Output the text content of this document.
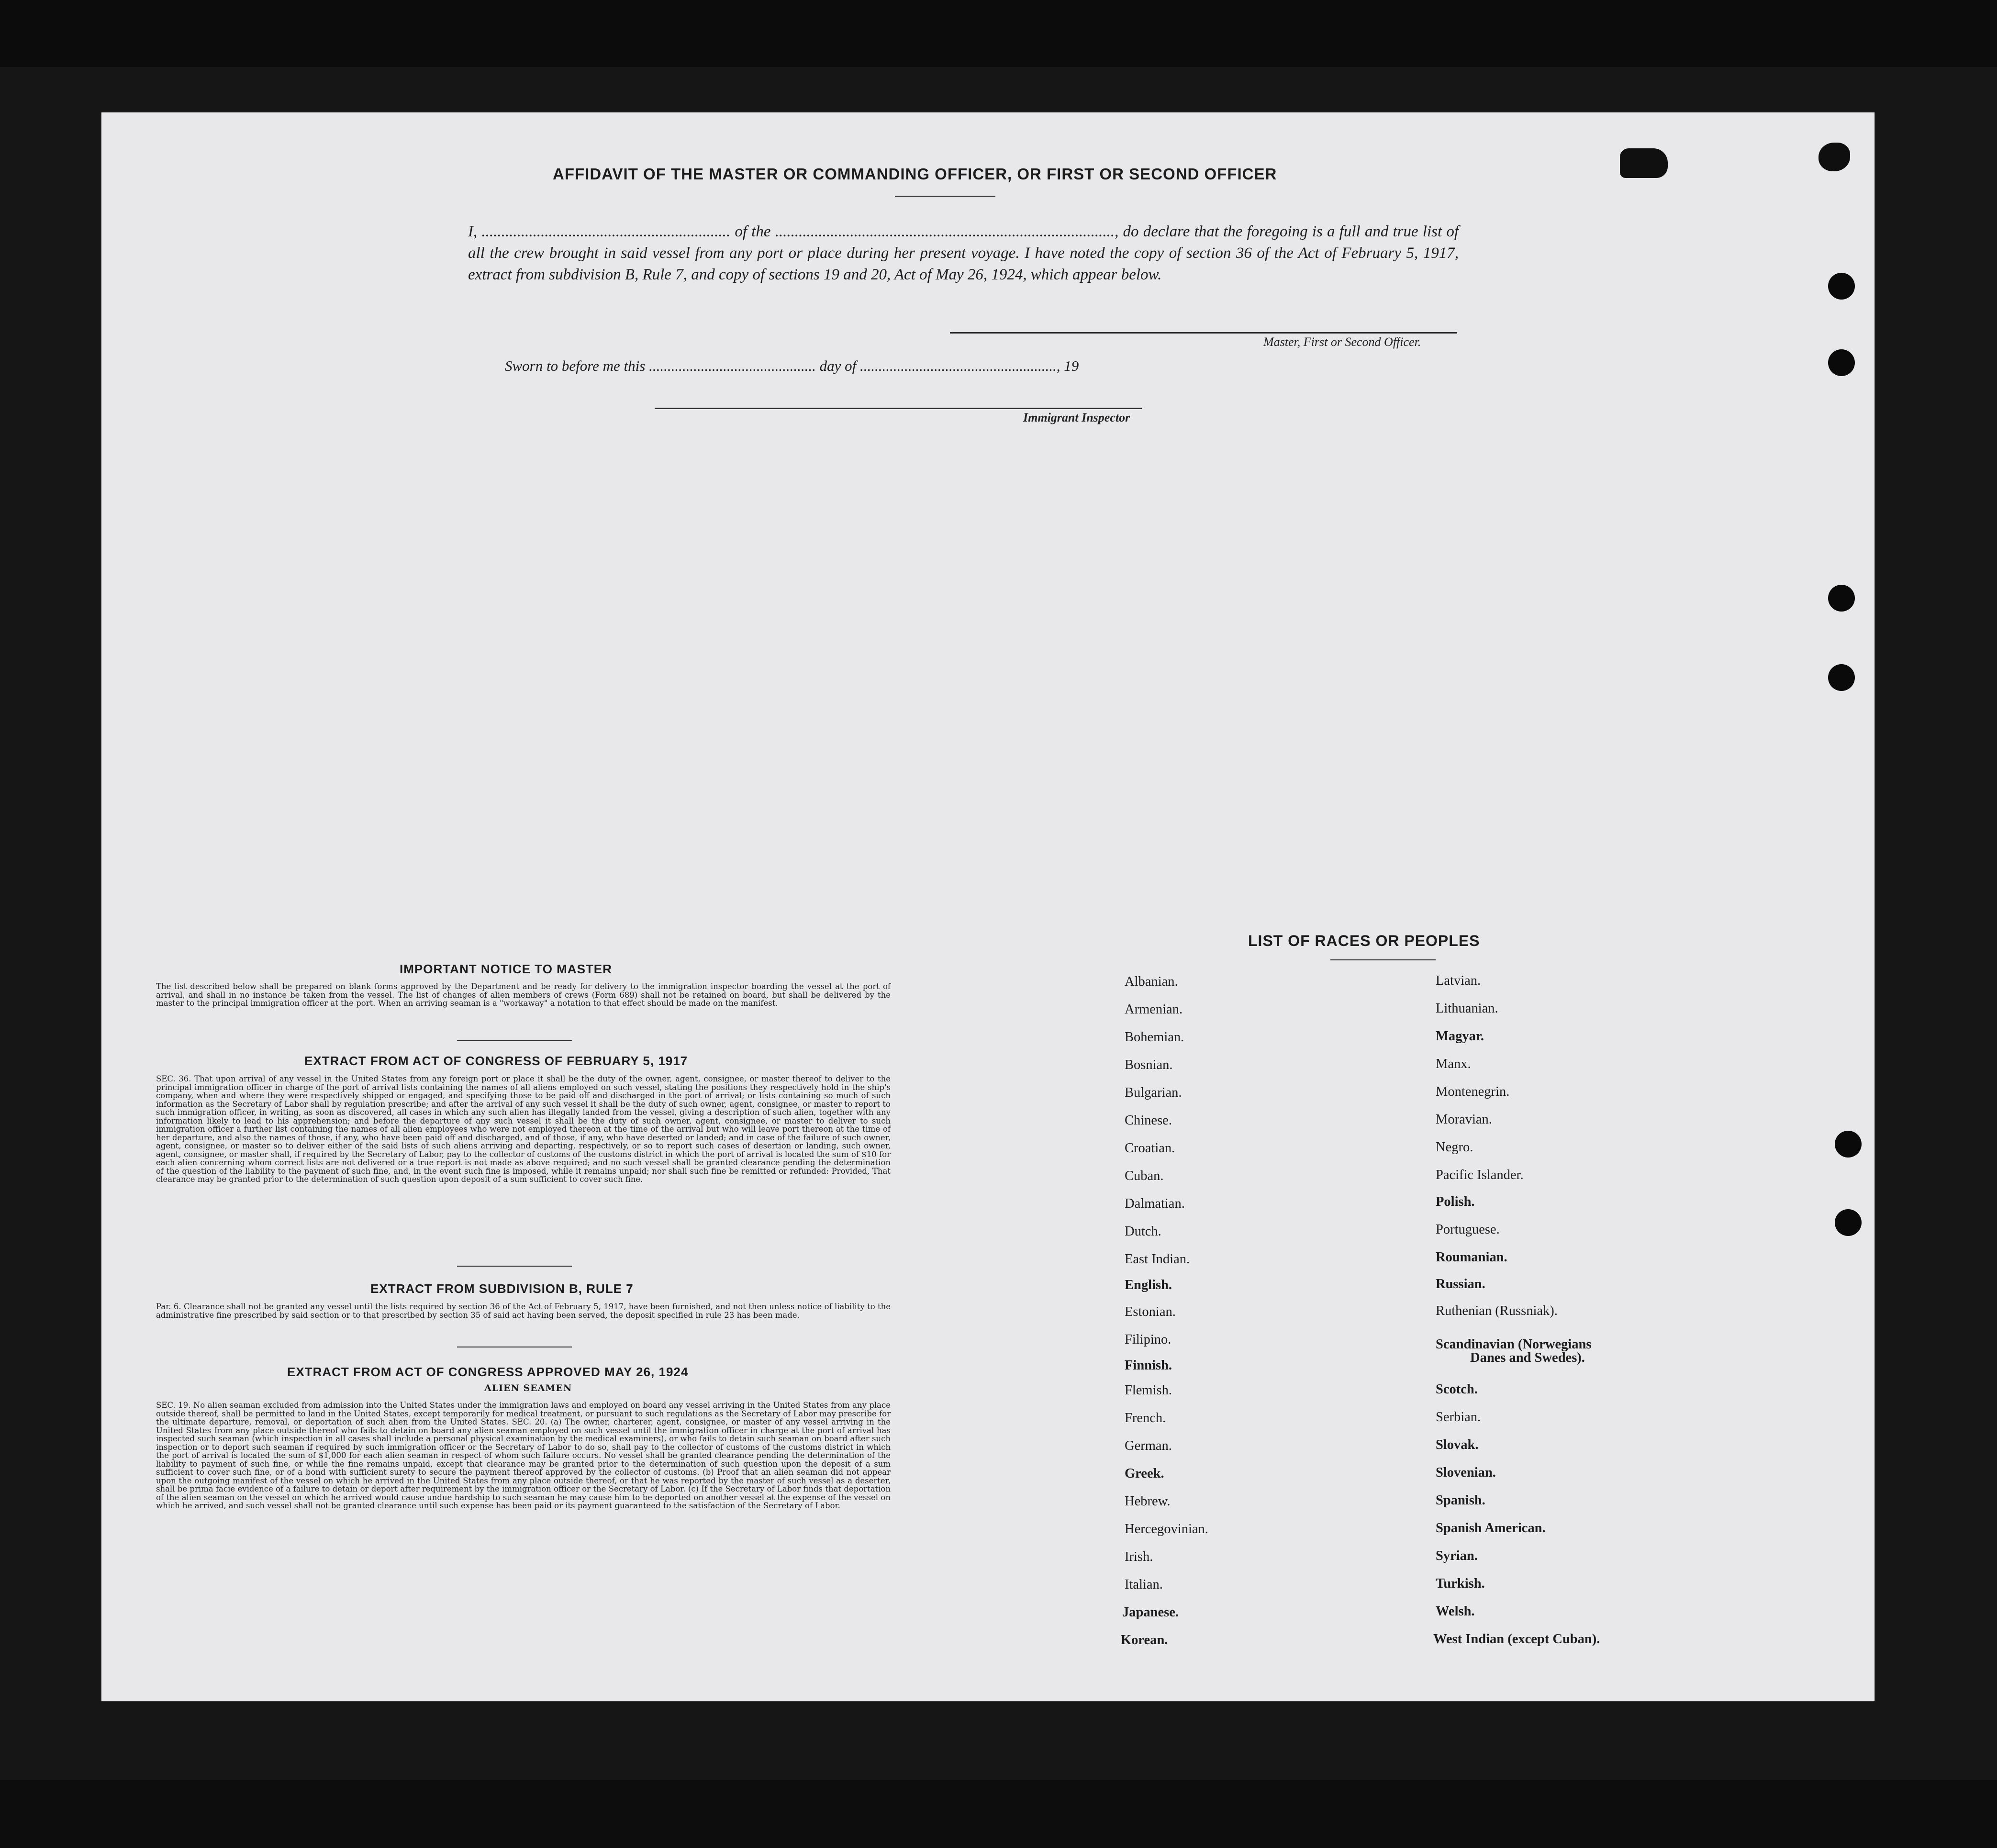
AFFIDAVIT OF THE MASTER OR COMMANDING OFFICER, OR FIRST OR SECOND OFFICER
I, ............................................................... of the ......................................................................................, do declare that the foregoing is a full and true list of all the crew brought in said vessel from any port or place during her present voyage. I have noted the copy of section 36 of the Act of February 5, 1917, extract from subdivision B, Rule 7, and copy of sections 19 and 20, Act of May 26, 1924, which appear below.
Master, First or Second Officer.
Sworn to before me this ............................................. day of ....................................................., 19
Immigrant Inspector
IMPORTANT NOTICE TO MASTER
The list described below shall be prepared on blank forms approved by the Department and be ready for delivery to the immigration inspector boarding the vessel at the port of arrival, and shall in no instance be taken from the vessel. The list of changes of alien members of crews (Form 689) shall not be retained on board, but shall be delivered by the master to the principal immigration officer at the port. When an arriving seaman is a "workaway" a notation to that effect should be made on the manifest.
EXTRACT FROM ACT OF CONGRESS OF FEBRUARY 5, 1917
SEC. 36. That upon arrival of any vessel in the United States from any foreign port or place it shall be the duty of the owner, agent, consignee, or master thereof to deliver to the principal immigration officer in charge of the port of arrival lists containing the names of all aliens employed on such vessel, stating the positions they respectively hold in the ship's company, when and where they were respectively shipped or engaged, and specifying those to be paid off and discharged in the port of arrival; or lists containing so much of such information as the Secretary of Labor shall by regulation prescribe; and after the arrival of any such vessel it shall be the duty of such owner, agent, consignee, or master to report to such immigration officer, in writing, as soon as discovered, all cases in which any such alien has illegally landed from the vessel, giving a description of such alien, together with any information likely to lead to his apprehension; and before the departure of any such vessel it shall be the duty of such owner, agent, consignee, or master to deliver to such immigration officer a further list containing the names of all alien employees who were not employed thereon at the time of the arrival but who will leave port thereon at the time of her departure, and also the names of those, if any, who have been paid off and discharged, and of those, if any, who have deserted or landed; and in case of the failure of such owner, agent, consignee, or master so to deliver either of the said lists of such aliens arriving and departing, respectively, or so to report such cases of desertion or landing, such owner, agent, consignee, or master shall, if required by the Secretary of Labor, pay to the collector of customs of the customs district in which the port of arrival is located the sum of $10 for each alien concerning whom correct lists are not delivered or a true report is not made as above required; and no such vessel shall be granted clearance pending the determination of the question of the liability to the payment of such fine, and, in the event such fine is imposed, while it remains unpaid; nor shall such fine be remitted or refunded: Provided, That clearance may be granted prior to the determination of such question upon deposit of a sum sufficient to cover such fine.
EXTRACT FROM SUBDIVISION B, RULE 7
Par. 6. Clearance shall not be granted any vessel until the lists required by section 36 of the Act of February 5, 1917, have been furnished, and not then unless notice of liability to the administrative fine prescribed by said section or to that prescribed by section 35 of said act having been served, the deposit specified in rule 23 has been made.
EXTRACT FROM ACT OF CONGRESS APPROVED MAY 26, 1924
ALIEN SEAMEN
SEC. 19. No alien seaman excluded from admission into the United States under the immigration laws and employed on board any vessel arriving in the United States from any place outside thereof, shall be permitted to land in the United States, except temporarily for medical treatment, or pursuant to such regulations as the Secretary of Labor may prescribe for the ultimate departure, removal, or deportation of such alien from the United States. SEC. 20. (a) The owner, charterer, agent, consignee, or master of any vessel arriving in the United States from any place outside thereof who fails to detain on board any alien seaman employed on such vessel until the immigration officer in charge at the port of arrival has inspected such seaman (which inspection in all cases shall include a personal physical examination by the medical examiners), or who fails to detain such seaman on board after such inspection or to deport such seaman if required by such immigration officer or the Secretary of Labor to do so, shall pay to the collector of customs of the customs district in which the port of arrival is located the sum of $1,000 for each alien seaman in respect of whom such failure occurs. No vessel shall be granted clearance pending the determination of the liability to payment of such fine, or while the fine remains unpaid, except that clearance may be granted prior to the determination of such question upon the deposit of a sum sufficient to cover such fine, or of a bond with sufficient surety to secure the payment thereof approved by the collector of customs. (b) Proof that an alien seaman did not appear upon the outgoing manifest of the vessel on which he arrived in the United States from any place outside thereof, or that he was reported by the master of such vessel as a deserter, shall be prima facie evidence of a failure to detain or deport after requirement by the immigration officer or the Secretary of Labor. (c) If the Secretary of Labor finds that deportation of the alien seaman on the vessel on which he arrived would cause undue hardship to such seaman he may cause him to be deported on another vessel at the expense of the vessel on which he arrived, and such vessel shall not be granted clearance until such expense has been paid or its payment guaranteed to the satisfaction of the Secretary of Labor.
LIST OF RACES OR PEOPLES
Albanian.
Armenian.
Bohemian.
Bosnian.
Bulgarian.
Chinese.
Croatian.
Cuban.
Dalmatian.
Dutch.
East Indian.
English.
Estonian.
Filipino.
Finnish.
Flemish.
French.
German.
Greek.
Hebrew.
Hercegovinian.
Irish.
Italian.
Japanese.
Korean.
Latvian.
Lithuanian.
Magyar.
Manx.
Montenegrin.
Moravian.
Negro.
Pacific Islander.
Polish.
Portuguese.
Roumanian.
Russian.
Ruthenian (Russniak).
Scandinavian (Norwegians
Danes and Swedes).
Scotch.
Serbian.
Slovak.
Slovenian.
Spanish.
Spanish American.
Syrian.
Turkish.
Welsh.
West Indian (except Cuban).
